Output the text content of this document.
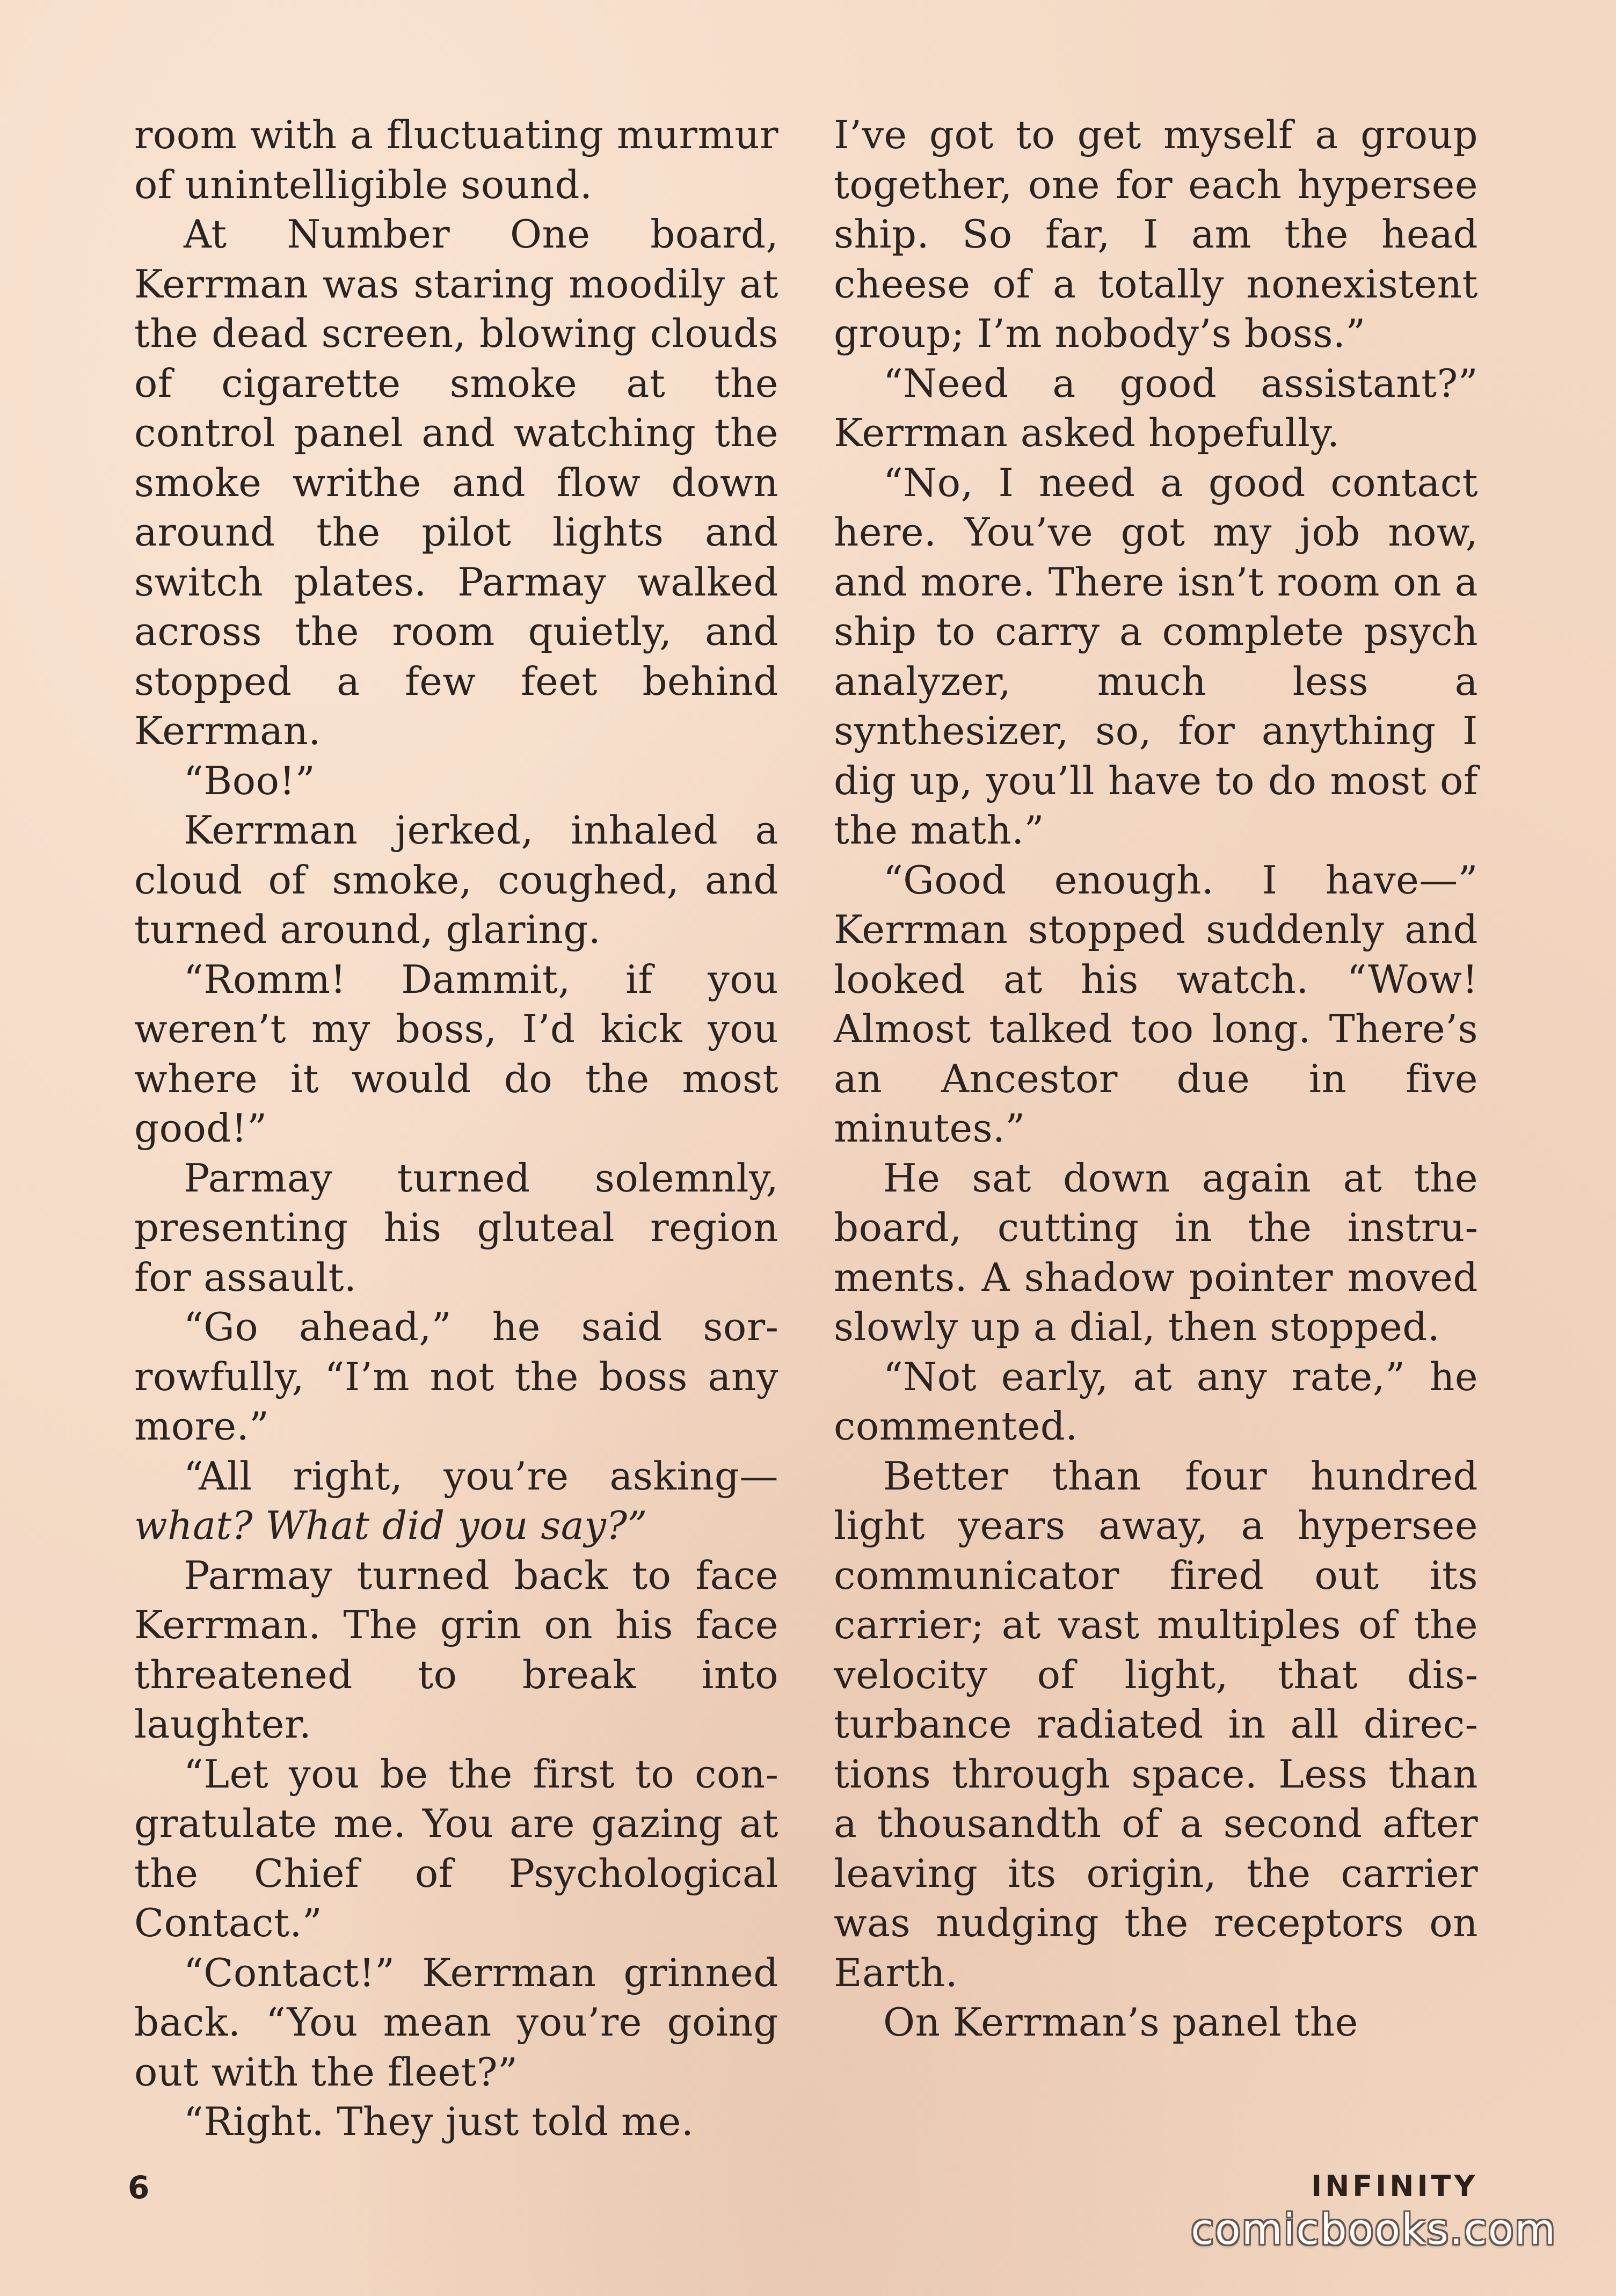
room with a fluctuating murmur of unintelligible sound.

At Number One board, Kerrman was staring moodily at the dead screen, blowing clouds of cigarette smoke at the control panel and watching the smoke writhe and flow down around the pilot lights and switch plates. Parmay walked across the room quietly, and stopped a few feet behind Kerrman.

“Boo!”

Kerrman jerked, inhaled a cloud of smoke, coughed, and turned around, glaring.

“Romm! Dammit, if you weren’t my boss, I’d kick you where it would do the most good!”

Parmay turned solemnly, presenting his gluteal region for assault.

“Go ahead,” he said sorrowfully, “I’m not the boss any more.”

“All right, you’re asking— what? What did you say?”

Parmay turned back to face Kerrman. The grin on his face threatened to break into laughter.

“Let you be the first to congratulate me. You are gazing at the Chief of Psychological Contact.”

“Contact!” Kerrman grinned back. “You mean you’re going out with the fleet?”

“Right. They just told me.

I’ve got to get myself a group together, one for each hypersee ship. So far, I am the head cheese of a totally nonexistent group; I’m nobody’s boss.”

“Need a good assistant?” Kerrman asked hopefully.

“No, I need a good contact here. You’ve got my job now, and more. There isn’t room on a ship to carry a complete psych analyzer, much less a synthesizer, so, for anything I dig up, you’ll have to do most of the math.”

“Good enough. I have—” Kerrman stopped suddenly and looked at his watch. “Wow! Almost talked too long. There’s an Ancestor due in five minutes.”

He sat down again at the board, cutting in the instruments. A shadow pointer moved slowly up a dial, then stopped.

“Not early, at any rate,” he commented.

Better than four hundred light years away, a hypersee communicator fired out its carrier; at vast multiples of the velocity of light, that disturbance radiated in all directions through space. Less than a thousandth of a second after leaving its origin, the carrier was nudging the receptors on Earth.

On Kerrman’s panel the

6	INFINITY
comicbooks.com
